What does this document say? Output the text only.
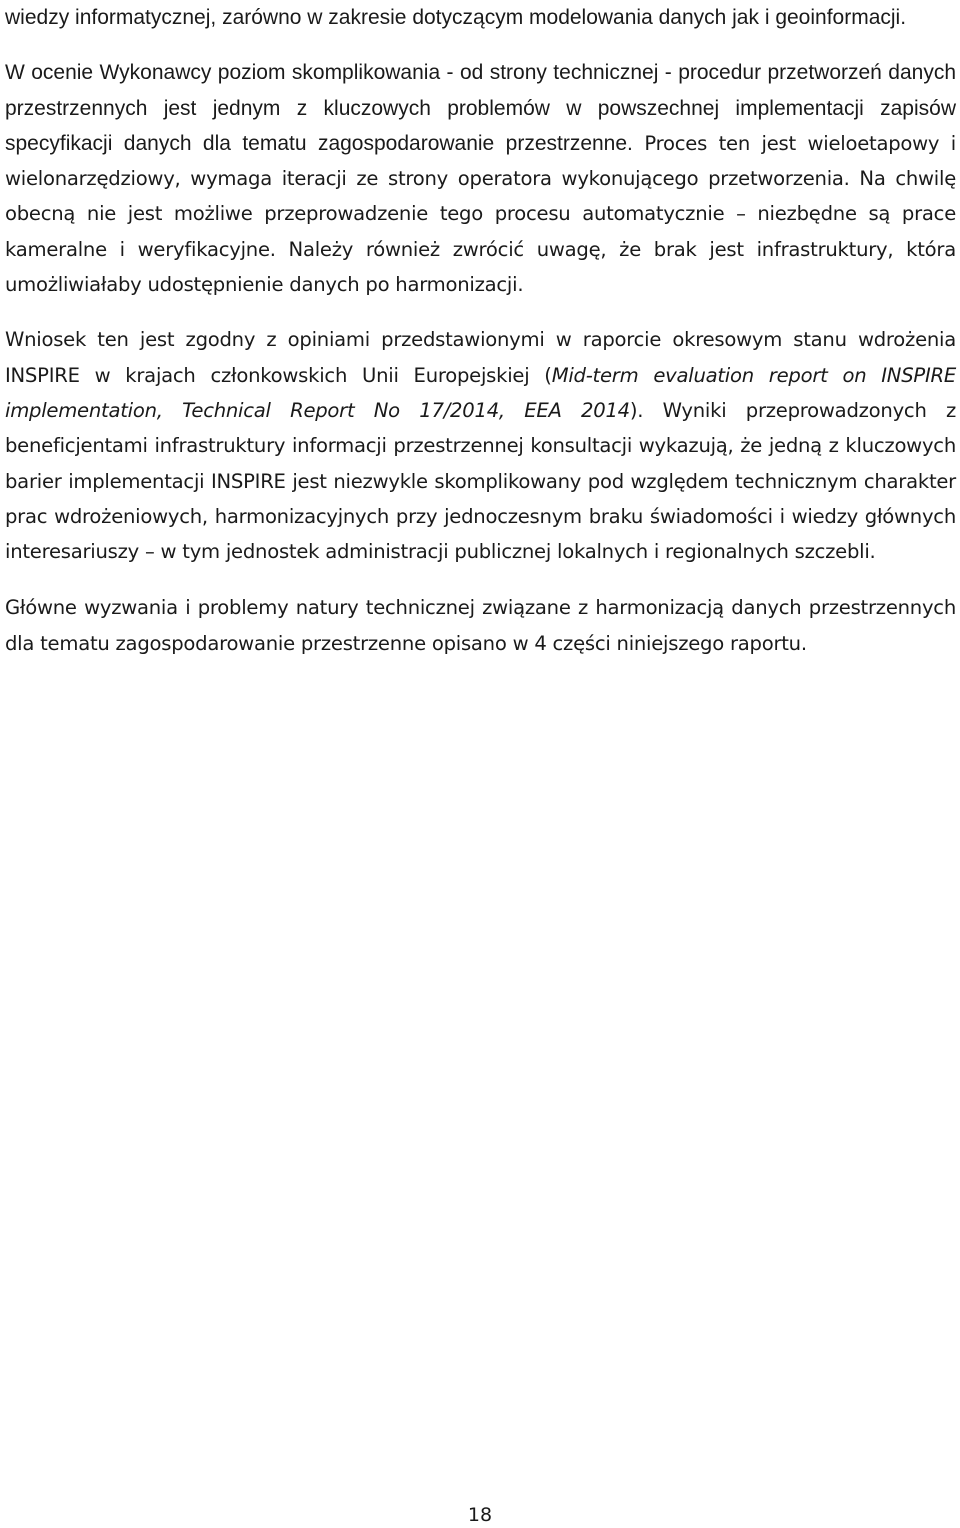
wiedzy informatycznej, zarówno w zakresie dotyczącym modelowania danych jak i geoinformacji.

W ocenie Wykonawcy poziom skomplikowania - od strony technicznej - procedur przetworzeń danych przestrzennych jest jednym z kluczowych problemów w powszechnej implementacji zapisów specyfikacji danych dla tematu zagospodarowanie przestrzenne. Proces ten jest wieloetapowy i wielonarzędziowy, wymaga iteracji ze strony operatora wykonującego przetworzenia. Na chwilę obecną nie jest możliwe przeprowadzenie tego procesu automatycznie – niezbędne są prace kameralne i weryfikacyjne. Należy również zwrócić uwagę, że brak jest infrastruktury, która umożliwiałaby udostępnienie danych po harmonizacji.

Wniosek ten jest zgodny z opiniami przedstawionymi w raporcie okresowym stanu wdrożenia INSPIRE w krajach członkowskich Unii Europejskiej (Mid-term evaluation report on INSPIRE implementation, Technical Report No 17/2014, EEA 2014). Wyniki przeprowadzonych z beneficjentami infrastruktury informacji przestrzennej konsultacji wykazują, że jedną z kluczowych barier implementacji INSPIRE jest niezwykle skomplikowany pod względem technicznym charakter prac wdrożeniowych, harmonizacyjnych przy jednoczesnym braku świadomości i wiedzy głównych interesariuszy – w tym jednostek administracji publicznej lokalnych i regionalnych szczebli.

Główne wyzwania i problemy natury technicznej związane z harmonizacją danych przestrzennych dla tematu zagospodarowanie przestrzenne opisano w 4 części niniejszego raportu.

18
